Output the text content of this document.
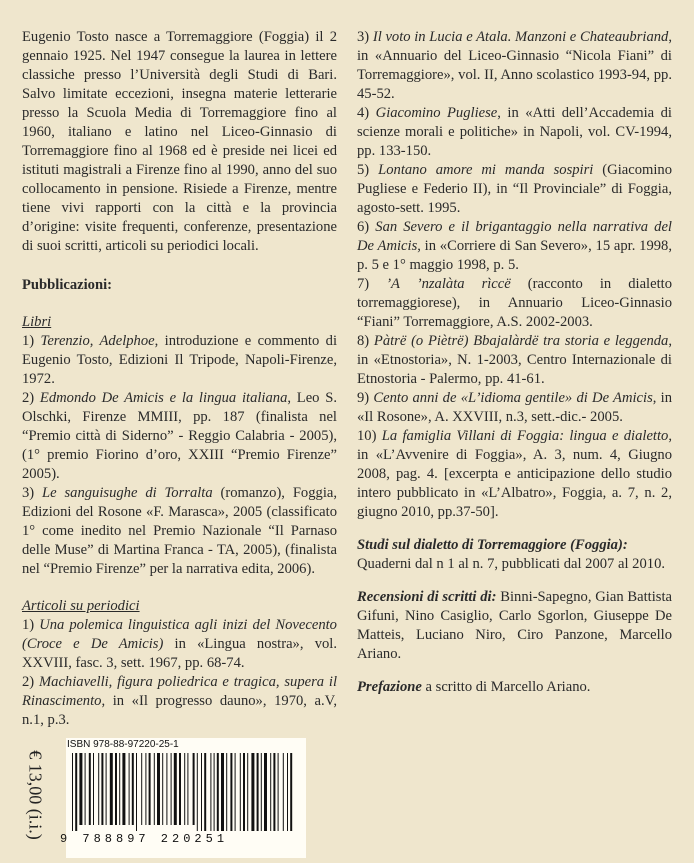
Eugenio Tosto nasce a Torremaggiore (Foggia) il 2 gennaio 1925. Nel 1947 consegue la laurea in lettere classiche presso l’Università degli Studi di Bari. Salvo limitate eccezioni, insegna materie letterarie presso la Scuola Media di Torremaggiore fino al 1960, italiano e latino nel Liceo-Ginnasio di Torremaggiore fino al 1968 ed è preside nei licei ed istituti magistrali a Firenze fino al 1990, anno del suo collocamento in pensione. Risiede a Firenze, mentre tiene vivi rapporti con la città e la provincia d’origine: visite frequenti, conferenze, presentazione di suoi scritti, articoli su periodici locali.

Pubblicazioni:

Libri

1) Terenzio, Adelphoe, introduzione e commento di Eugenio Tosto, Edizioni Il Tripode, Napoli-Firenze, 1972.

2) Edmondo De Amicis e la lingua italiana, Leo S. Olschki, Firenze MMIII, pp. 187 (finalista nel “Premio città di Siderno” - Reggio Calabria - 2005), (1° premio Fiorino d’oro, XXIII “Premio Firenze” 2005).

3) Le sanguisughe di Torralta (romanzo), Foggia, Edizioni del Rosone «F. Marasca», 2005 (classificato 1° come inedito nel Premio Nazionale “Il Parnaso delle Muse” di Martina Franca - TA, 2005), (finalista nel “Premio Firenze” per la narrativa edita, 2006).

Articoli su periodici

1) Una polemica linguistica agli inizi del Novecento (Croce e De Amicis) in «Lingua nostra», vol. XXVIII, fasc. 3, sett. 1967, pp. 68-74.

2) Machiavelli, figura poliedrica e tragica, supera il Rinascimento, in «Il progresso dauno», 1970, a.V, n.1, p.3.

3) Il voto in Lucia e Atala. Manzoni e Chateaubriand, in «Annuario del Liceo-Ginnasio “Nicola Fiani” di Torremaggiore», vol. II, Anno scolastico 1993-94, pp. 45-52.

4) Giacomino Pugliese, in «Atti dell’Accademia di scienze morali e politiche» in Napoli, vol. CV-1994, pp. 133-150.

5) Lontano amore mi manda sospiri (Giacomino Pugliese e Federio II), in “Il Provinciale” di Foggia, agosto-sett. 1995.

6) San Severo e il brigantaggio nella narrativa del De Amicis, in «Corriere di San Severo», 15 apr. 1998, p. 5 e 1° maggio 1998, p. 5.

7) ’A ’nzalàta rìccë (racconto in dialetto torremaggiorese), in Annuario Liceo-Ginnasio “Fiani” Torremaggiore, A.S. 2002-2003.

8) Pàtrë (o Piètrë) Bbajalàrdë tra storia e leggenda, in «Etnostoria», N. 1-2003, Centro Internazionale di Etnostoria - Palermo, pp. 41-61.

9) Cento anni de «L’idioma gentile» di De Amicis, in «Il Rosone», A. XXVIII, n.3, sett.-dic.- 2005.

10) La famiglia Villani di Foggia: lingua e dialetto, in «L’Avvenire di Foggia», A. 3, num. 4, Giugno 2008, pag. 4. [excerpta e anticipazione dello studio intero pubblicato in «L’Albatro», Foggia, a. 7, n. 2, giugno 2010, pp.37-50].

Studi sul dialetto di Torremaggiore (Foggia):

Quaderni dal n 1 al n. 7, pubblicati dal 2007 al 2010.

Recensioni di scritti di: Binni-Sapegno, Gian Battista Gifuni, Nino Casiglio, Carlo Sgorlon, Giuseppe De Matteis, Luciano Niro, Ciro Panzone, Marcello Ariano.

Prefazione a scritto di Marcello Ariano.

€ 13,00 (i.i.)
ISBN 978-88-97220-25-1
9 788897 220251
